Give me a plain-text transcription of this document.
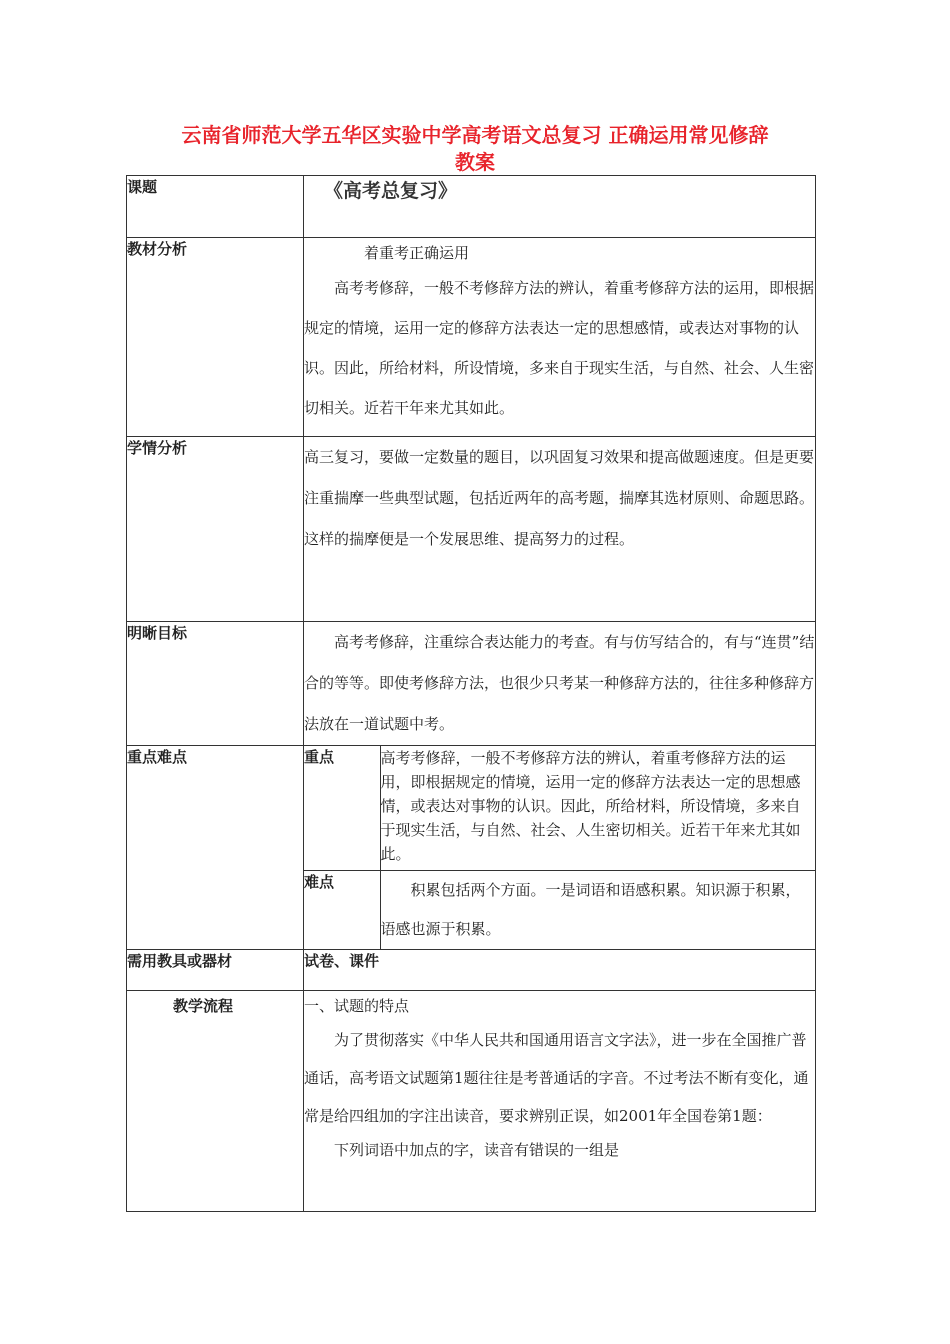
云南省师范大学五华区实验中学高考语文总复习 正确运用常见修辞
教案
课题	《高考总复习》

教材分析	着重考正确运用

高考考修辞，一般不考修辞方法的辨认，着重考修辞方法的运用，即根据规定的情境，运用一定的修辞方法表达一定的思想感情，或表达对事物的认识。因此，所给材料，所设情境，多来自于现实生活，与自然、社会、人生密切相关。近若干年来尤其如此。

学情分析	高三复习，要做一定数量的题目，以巩固复习效果和提高做题速度。但是更要注重揣摩一些典型试题，包括近两年的高考题，揣摩其选材原则、命题思路。这样的揣摩便是一个发展思维、提高努力的过程。

明晰目标	高考考修辞，注重综合表达能力的考查。有与仿写结合的，有与“连贯”结合的等等。即使考修辞方法，也很少只考某一种修辞方法的，往往多种修辞方法放在一道试题中考。

重点难点		重点	高考考修辞，一般不考修辞方法的辨认，着重考修辞方法的运用，即根据规定的情境，运用一定的修辞方法表达一定的思想感情，或表达对事物的认识。因此，所给材料，所设情境，多来自于现实生活，与自然、社会、人生密切相关。近若干年来尤其如此。
难点	积累包括两个方面。一是词语和语感积累。知识源于积累，语感也源于积累。

需用教具或器材	试卷、课件
教学流程	一、试题的特点

为了贯彻落实《中华人民共和国通用语言文字法》，进一步在全国推广普通话，高考语文试题第1题往往是考普通话的字音。不过考法不断有变化，通常是给四组加的字注出读音，要求辨别正误，如2001年全国卷第1题：

下列词语中加点的字，读音有错误的一组是
